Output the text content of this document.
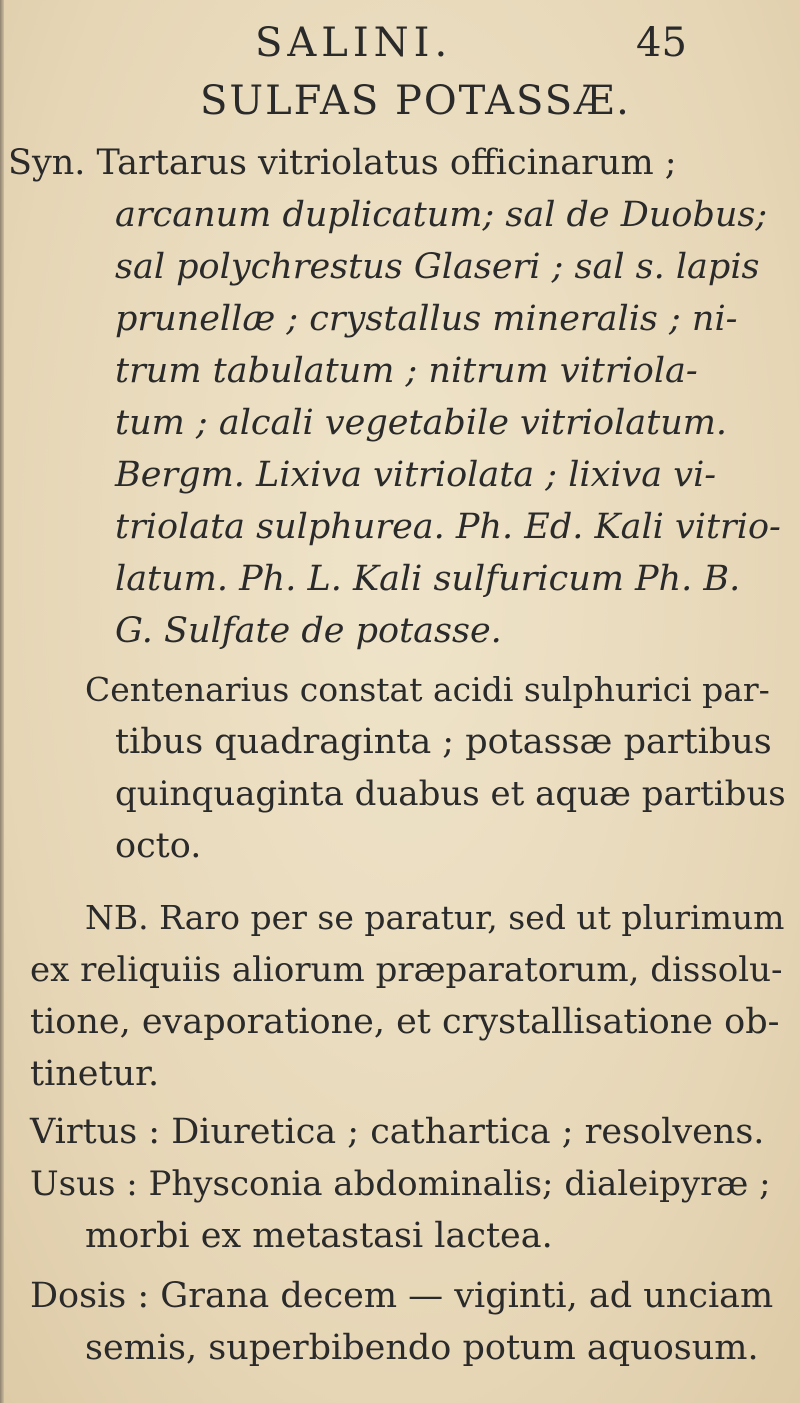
SALINI.	45
SULFAS POTASSÆ.
Syn. Tartarus vitriolatus officinarum ;
arcanum duplicatum; sal de Duobus;
sal polychrestus Glaseri ; sal s. lapis
prunellæ ; crystallus mineralis ; ni-
trum tabulatum ; nitrum vitriola-
tum ; alcali vegetabile vitriolatum.
Bergm. Lixiva vitriolata ; lixiva vi-
triolata sulphurea. Ph. Ed. Kali vitrio-
latum. Ph. L. Kali sulfuricum Ph. B.
G. Sulfate de potasse.
Centenarius constat acidi sulphurici par-
tibus quadraginta ; potassæ partibus
quinquaginta duabus et aquæ partibus
octo.
NB. Raro per se paratur, sed ut plurimum
ex reliquiis aliorum præparatorum, dissolu-
tione, evaporatione, et crystallisatione ob-
tinetur.
Virtus : Diuretica ; cathartica ; resolvens.
Usus : Physconia abdominalis; dialeipyræ ;
morbi ex metastasi lactea.
Dosis : Grana decem — viginti, ad unciam
semis, superbibendo potum aquosum.
